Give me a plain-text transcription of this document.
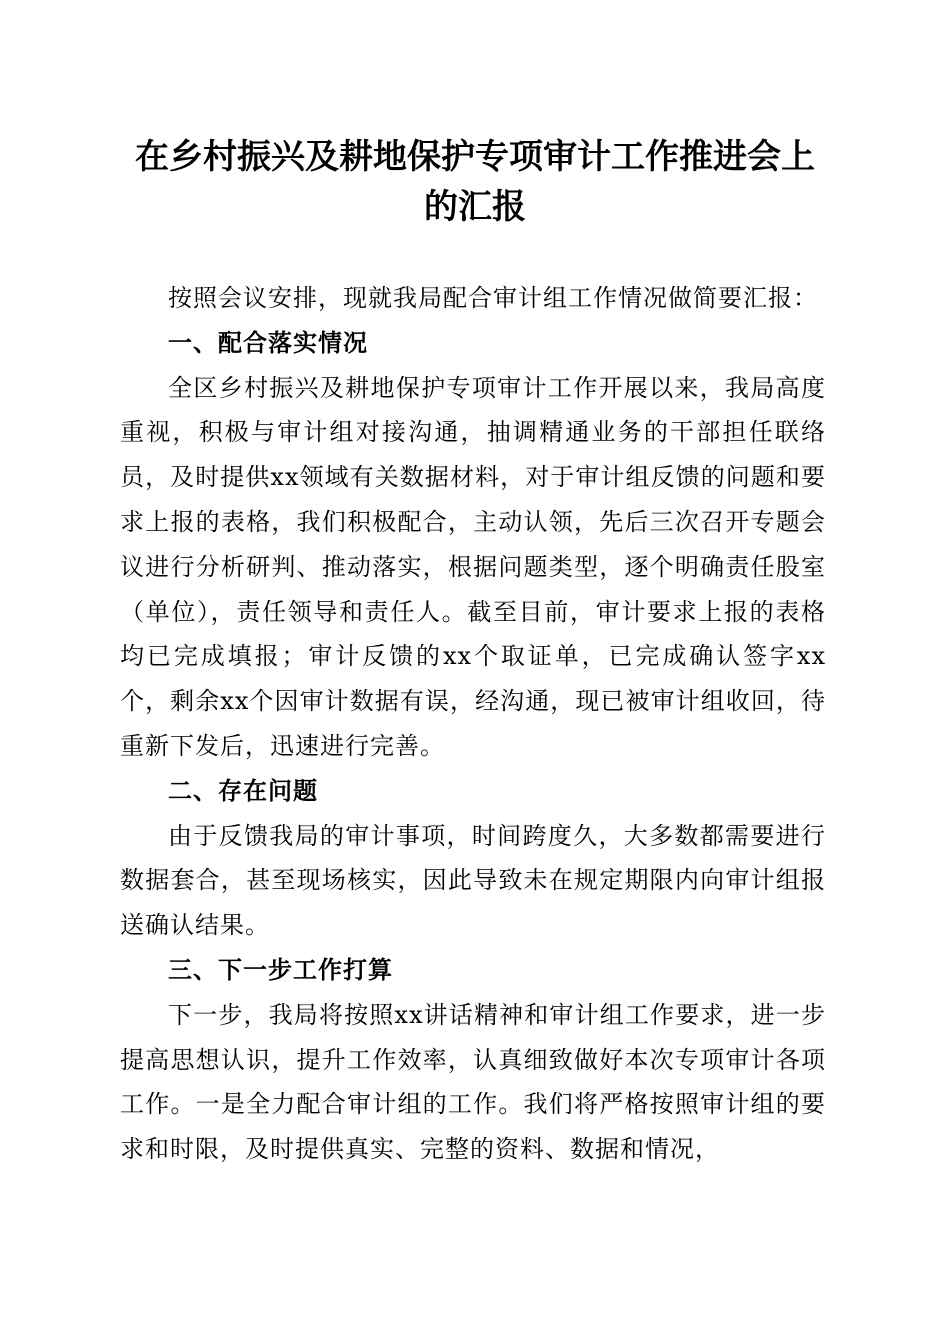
在乡村振兴及耕地保护专项审计工作推进会上
的汇报

按照会议安排，现就我局配合审计组工作情况做简要汇报：

一、配合落实情况

全区乡村振兴及耕地保护专项审计工作开展以来，我局高度重视，积极与审计组对接沟通，抽调精通业务的干部担任联络员，及时提供xx领域有关数据材料，对于审计组反馈的问题和要求上报的表格，我们积极配合，主动认领，先后三次召开专题会议进行分析研判、推动落实，根据问题类型，逐个明确责任股室（单位），责任领导和责任人。截至目前，审计要求上报的表格均已完成填报；审计反馈的xx个取证单，已完成确认签字xx个，剩余xx个因审计数据有误，经沟通，现已被审计组收回，待重新下发后，迅速进行完善。

二、存在问题

由于反馈我局的审计事项，时间跨度久，大多数都需要进行数据套合，甚至现场核实，因此导致未在规定期限内向审计组报送确认结果。

三、下一步工作打算

下一步，我局将按照xx讲话精神和审计组工作要求，进一步提高思想认识，提升工作效率，认真细致做好本次专项审计各项工作。一是全力配合审计组的工作。我们将严格按照审计组的要求和时限，及时提供真实、完整的资料、数据和情况，
